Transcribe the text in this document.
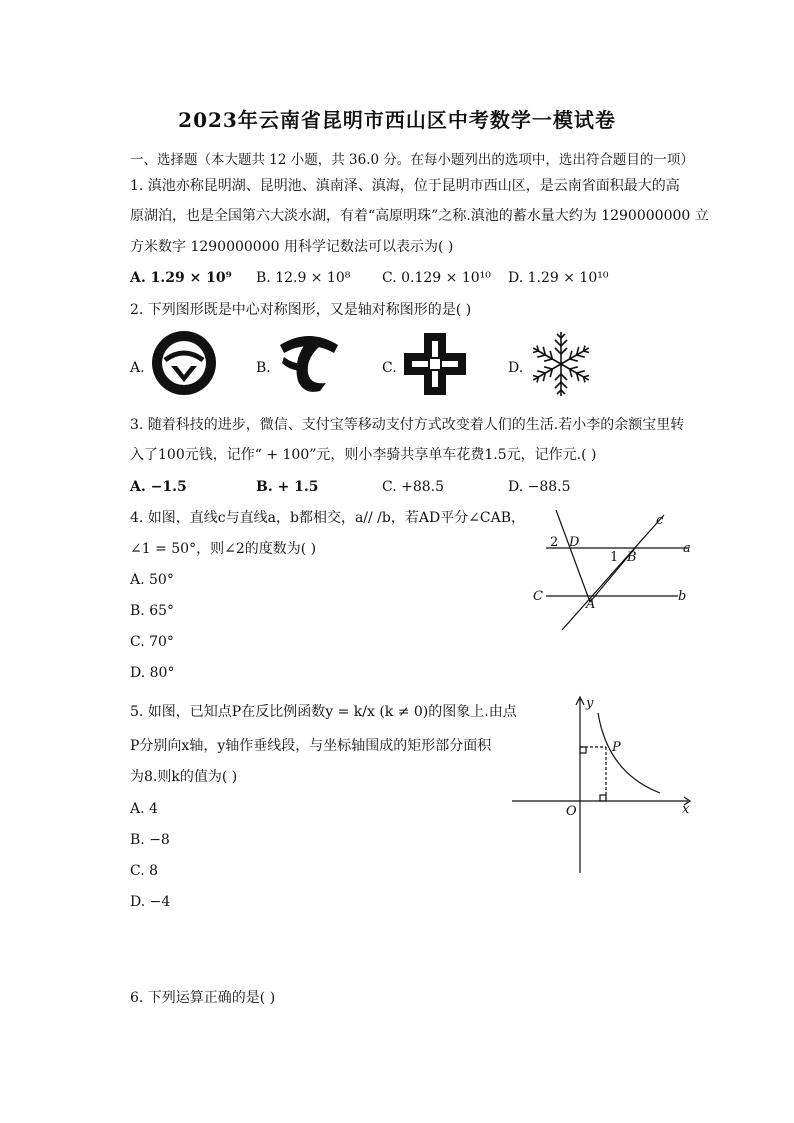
2023年云南省昆明市西山区中考数学一模试卷
一、选择题（本大题共 12 小题，共 36.0 分。在每小题列出的选项中，选出符合题目的一项）
1. 滇池亦称昆明湖、昆明池、滇南泽、滇海，位于昆明市西山区，是云南省面积最大的高
原湖泊，也是全国第六大淡水湖，有着“高原明珠”之称.滇池的蓄水量大约为 1290000000 立
方米数字 1290000000 用科学记数法可以表示为( )
A. 1.29 × 10⁹ B. 12.9 × 10⁸ C. 0.129 × 10¹⁰ D. 1.29 × 10¹⁰
2. 下列图形既是中心对称图形，又是轴对称图形的是( )
A.	B.	C.	D.
3. 随着科技的进步，微信、支付宝等移动支付方式改变着人们的生活.若小李的余额宝里转
入了100元钱，记作“ + 100”元，则小李骑共享单车花费1.5元，记作元.( )
A. −1.5	B. + 1.5	C. +88.5	D. −88.5
4. 如图，直线c与直线a，b都相交，a// /b，若AD平分∠CAB，
∠1 = 50°，则∠2的度数为( )
A. 50°
B. 65°
C. 70°
D. 80°
c
2 D
1 B
a
C
A
b
5. 如图，已知点P在反比例函数y = k/x (k ≠ 0)的图象上.由点
P分别向x轴，y轴作垂线段，与坐标轴围成的矩形部分面积
为8.则k的值为( )
A. 4
B. −8
C. 8
D. −4
y
P
O	x
6. 下列运算正确的是( )
